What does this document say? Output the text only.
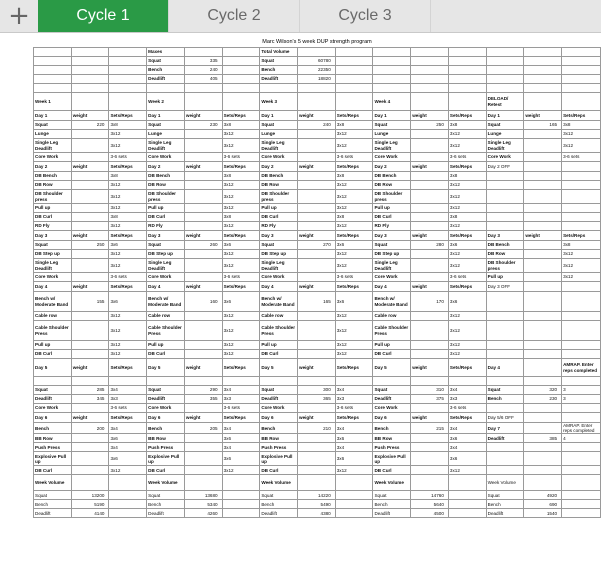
+	Cycle 1	Cycle 2	Cycle 3
Marc Wilson's 5 week DUP strength program
			Maxes			Total Volume								
			Squat	335		Squat	60780							
			Bench	240		Bench	22350							
			Deadlift	405		Deadlift	18820							

Week 1			Week 2			Week 3			Week 4			DELOAD/ Retest		
Day 1	weight	Sets/Reps	Day 1	weight	Sets/Reps	Day 1	weight	Sets/Reps	Day 1	weight	Sets/Reps	Day 1	weight	Sets/Reps
Squat	220	3x8	Squat	230	3x8	Squat	240	3x8	Squat	250	3x8	Squat	165	3x8
Lunge		3x12	Lunge		3x12	Lunge		3x12	Lunge		3x12	Lunge		3x12
Single Leg Deadlift		3x12	Single Leg Deadlift		3x12	Single Leg Deadlift		3x12	Single Leg Deadlift		3x12	Single Leg Deadlift		3x12
Core Work		3-6 sets	Core Work		3-6 sets	Core Work		3-6 sets	Core Work		3-6 sets	Core Work		3-6 sets
Day 2	weight	Sets/Reps	Day 2	weight	Sets/Reps	Day 2	weight	Sets/Reps	Day 2	weight	Sets/Reps	Day 2 OFF		
DB Bench		3x8	DB Bench		3x8	DB Bench		3x8	DB Bench		3x8			
DB Row		3x12	DB Row		3x12	DB Row		3x12	DB Row		3x12			
DB Shoulder press		3x12	DB Shoulder press		3x12	DB Shoulder press		3x12	DB Shoulder press		3x12			
Pull up		3x12	Pull up		3x12	Pull up		3x12	Pull up		3x12			
DB Curl		3x8	DB Curl		3x8	DB Curl		3x8	DB Curl		3x8			
RD Fly		3x12	RD Fly		3x12	RD Fly		3x12	RD Fly		3x12			
Day 3	weight	Sets/Reps	Day 3	weight	Sets/Reps	Day 3	weight	Sets/Reps	Day 3	weight	Sets/Reps	Day 3	weight	Sets/Reps
Squat	250	3x6	Squat	260	3x6	Squat	270	3x6	Squat	280	3x6	DB Bench		3x8
DB Step up		3x12	DB Step up		3x12	DB Step up		3x12	DB Step up		3x12	DB Row		3x12
Single Leg Deadlift		3x12	Single Leg Deadlift		3x12	Single Leg Deadlift		3x12	Single Leg Deadlift		3x12	DB Shoulder press		3x12
Core Work		3-6 sets	Core Work		3-6 sets	Core Work		3-6 sets	Core Work		3-6 sets	Pull up		3x12
Day 4	weight	Sets/Reps	Day 4	weight	Sets/Reps	Day 4	weight	Sets/Reps	Day 4	weight	Sets/Reps	Day 3 OFF		
Bench w/ Moderate Band	155	3x6	Bench w/ Moderate Band	160	3x6	Bench w/ Moderate Band	165	3x6	Bench w/ Moderate Band	170	3x6			
Cable row		3x12	Cable row		3x12	Cable row		3x12	Cable row		3x12			
Cable Shoulder Press		3x12	Cable Shoulder Press		3x12	Cable Shoulder Press		3x12	Cable Shoulder Press		3x12			
Pull up		3x12	Pull up		3x12	Pull up		3x12	Pull up		3x12			
DB Curl		3x12	DB Curl		3x12	DB Curl		3x12	DB Curl		3x12			
Day 5	weight	Sets/Reps	Day 5	weight	Sets/Reps	Day 5	weight	Sets/Reps	Day 5	weight	Sets/Reps	Day 4		AMRAP. Enter reps completed

Squat	285	3x4	Squat	290	3x4	Squat	300	3x4	Squat	310	3x4	Squat	320	3
Deadlift	345	3x3	Deadlift	355	3x3	Deadlift	365	3x3	Deadlift	375	3x3	Bench	230	3
Core Work		3-6 sets	Core Work		3-6 sets	Core Work		3-6 sets	Core Work		3-6 sets			
Day 6	weight	Sets/Reps	Day 6	weight	Sets/Reps	Day 6	weight	Sets/Reps	Day 6	weight	Sets/Reps	Day 5/6 OFF		
Bench	200	3x4	Bench	205	3x4	Bench	210	3x4	Bench	215	3x4	Day 7		AMRAP. Enter reps completed
BB Row		3x6	BB Row		3x6	BB Row		3x6	BB Row		3x6	Deadlift	385	4
Push Press		3x4	Push Press		3x4	Push Press		3x4	Push Press		3x4			
Explosive Pull up		3x6	Explosive Pull up		3x6	Explosive Pull up		3x6	Explosive Pull up		3x6			
DB Curl		3x12	DB Curl		3x12	DB Curl		3x12	DB Curl		3x12			
Week Volume			Week Volume			Week Volume			Week Volume			Week Volume		
Squat	13200		Squat	13680		Squat	14220		Squat	14760		Squat	4920	
Bench	5190		Bench	5340		Bench	5490		Bench	5640		Bench	690	
Deadlift	4140		Deadlift	4260		Deadlift	4380		Deadlift	4500		Deadlift	1540	
